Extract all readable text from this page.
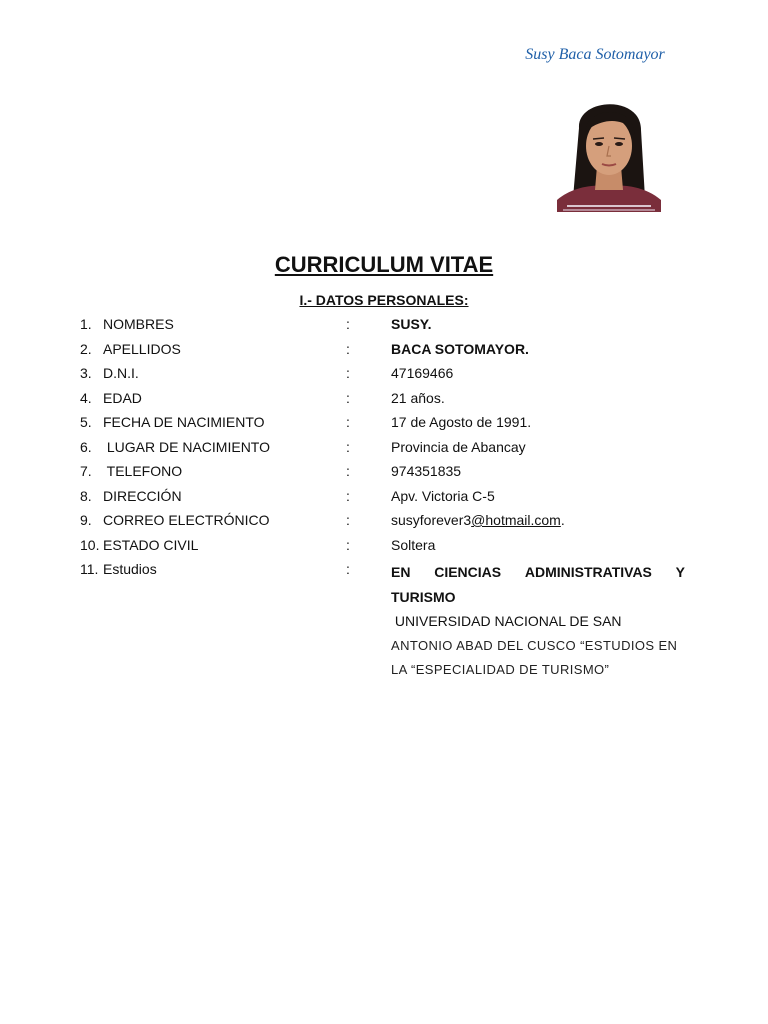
Susy Baca Sotomayor
CURRICULUM VITAE
I.- DATOS PERSONALES:
1. NOMBRES	:	SUSY.
2. APELLIDOS	:	BACA SOTOMAYOR.
3. D.N.I.	:	47169466
4. EDAD	:	21 años.
5. FECHA DE NACIMIENTO	:	17 de Agosto de 1991.
6. LUGAR DE NACIMIENTO	:	Provincia de Abancay
7. TELEFONO	:	974351835
8. DIRECCIÓN	:	Apv. Victoria C-5
9. CORREO ELECTRÓNICO	:	susyforever3@hotmail.com.
10. ESTADO CIVIL	:	Soltera
11. Estudios	:	EN CIENCIAS ADMINISTRATIVAS Y
TURISMO UNIVERSIDAD NACIONAL DE SAN
ANTONIO ABAD DEL CUSCO “ESTUDIOS EN
LA “ESPECIALIDAD DE TURISMO”
